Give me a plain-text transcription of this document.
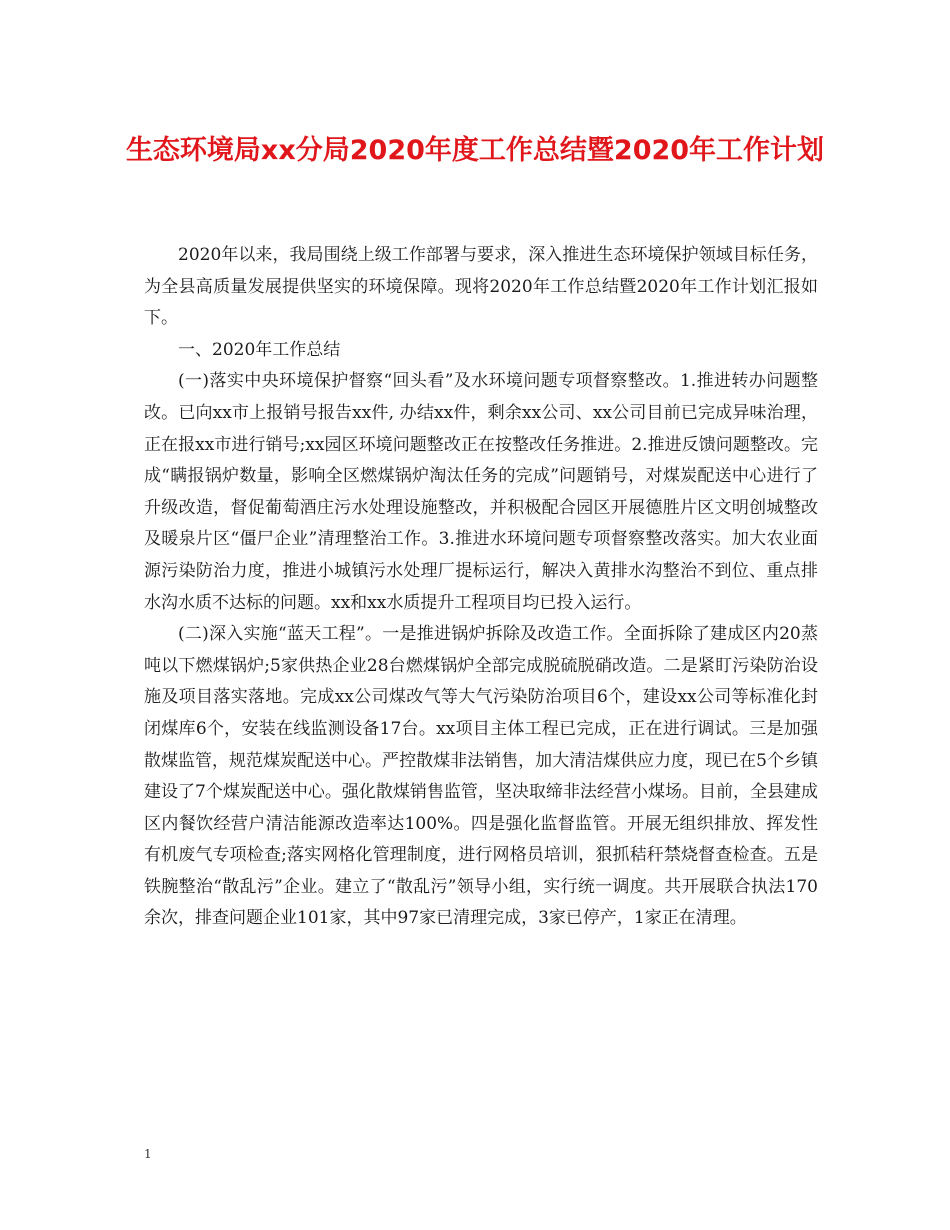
生态环境局xx分局2020年度工作总结暨2020年工作计划

2020年以来，我局围绕上级工作部署与要求，深入推进生态环境保护领域目标任务，为全县高质量发展提供坚实的环境保障。现将2020年工作总结暨2020年工作计划汇报如下。

一、2020年工作总结

(一)落实中央环境保护督察“回头看”及水环境问题专项督察整改。1.推进转办问题整改。已向xx市上报销号报告xx件, 办结xx件，剩余xx公司、xx公司目前已完成异味治理，正在报xx市进行销号;xx园区环境问题整改正在按整改任务推进。2.推进反馈问题整改。完成“瞒报锅炉数量，影响全区燃煤锅炉淘汰任务的完成”问题销号，对煤炭配送中心进行了升级改造，督促葡萄酒庄污水处理设施整改，并积极配合园区开展德胜片区文明创城整改及暖泉片区“僵尸企业”清理整治工作。3.推进水环境问题专项督察整改落实。加大农业面源污染防治力度，推进小城镇污水处理厂提标运行，解决入黄排水沟整治不到位、重点排水沟水质不达标的问题。xx和xx水质提升工程项目均已投入运行。

(二)深入实施“蓝天工程”。一是推进锅炉拆除及改造工作。全面拆除了建成区内20蒸吨以下燃煤锅炉;5家供热企业28台燃煤锅炉全部完成脱硫脱硝改造。二是紧盯污染防治设施及项目落实落地。完成xx公司煤改气等大气污染防治项目6个，建设xx公司等标准化封闭煤库6个，安装在线监测设备17台。xx项目主体工程已完成，正在进行调试。三是加强散煤监管，规范煤炭配送中心。严控散煤非法销售，加大清洁煤供应力度，现已在5个乡镇建设了7个煤炭配送中心。强化散煤销售监管，坚决取缔非法经营小煤场。目前，全县建成区内餐饮经营户清洁能源改造率达100%。四是强化监督监管。开展无组织排放、挥发性有机废气专项检查;落实网格化管理制度，进行网格员培训，狠抓秸秆禁烧督查检查。五是铁腕整治“散乱污”企业。建立了“散乱污”领导小组，实行统一调度。共开展联合执法170余次，排查问题企业101家，其中97家已清理完成，3家已停产，1家正在清理。

1
